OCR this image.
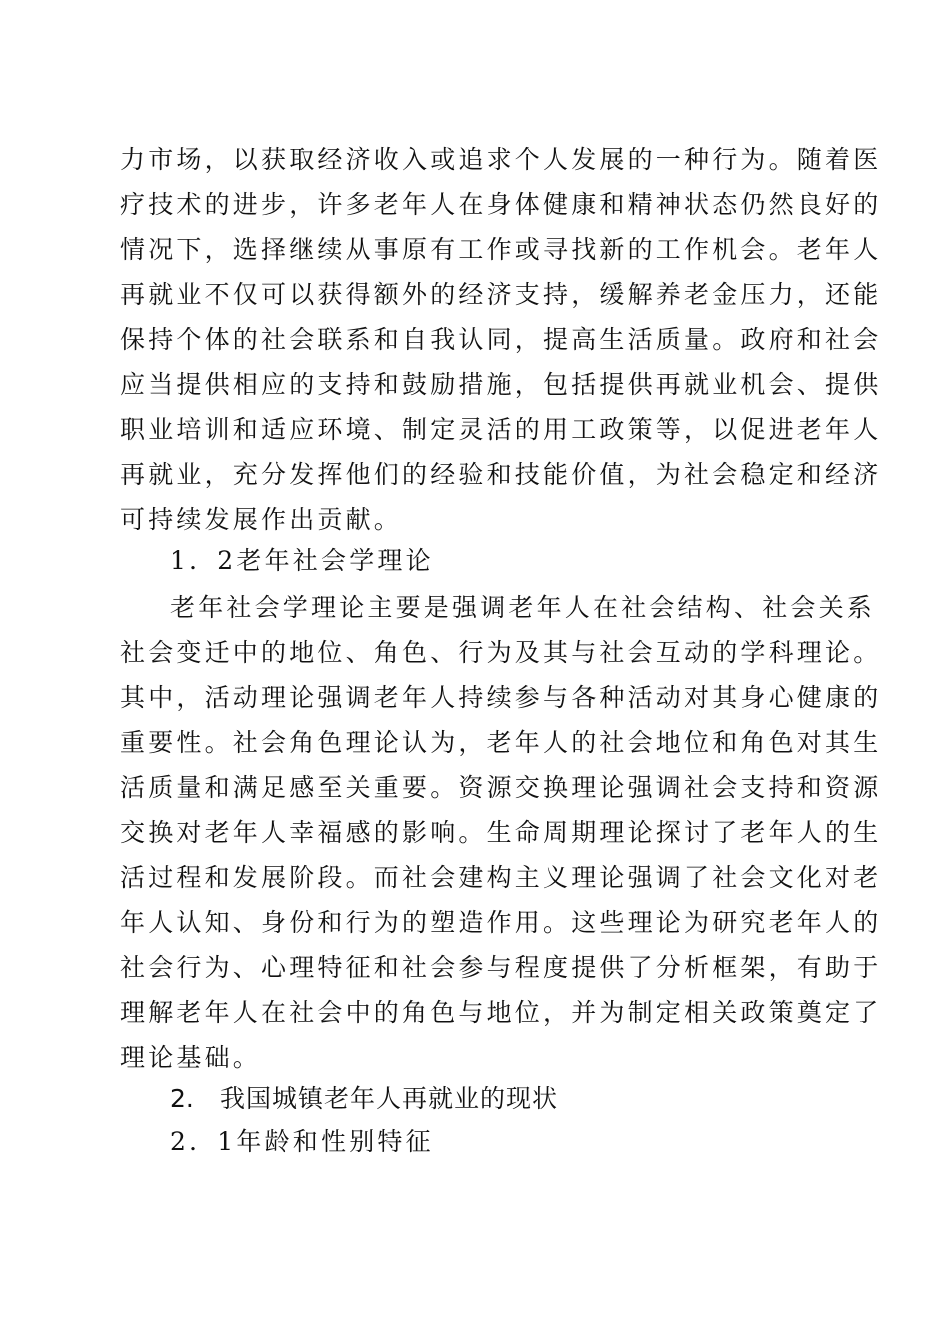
力市场，以获取经济收入或追求个人发展的一种行为。随着医
疗技术的进步，许多老年人在身体健康和精神状态仍然良好的
情况下，选择继续从事原有工作或寻找新的工作机会。老年人
再就业不仅可以获得额外的经济支持，缓解养老金压力，还能
保持个体的社会联系和自我认同，提高生活质量。政府和社会
应当提供相应的支持和鼓励措施，包括提供再就业机会、提供
职业培训和适应环境、制定灵活的用工政策等，以促进老年人
再就业，充分发挥他们的经验和技能价值，为社会稳定和经济
可持续发展作出贡献。
1．2老年社会学理论
老年社会学理论主要是强调老年人在社会结构、社会关系
社会变迁中的地位、角色、行为及其与社会互动的学科理论。
其中，活动理论强调老年人持续参与各种活动对其身心健康的
重要性。社会角色理论认为，老年人的社会地位和角色对其生
活质量和满足感至关重要。资源交换理论强调社会支持和资源
交换对老年人幸福感的影响。生命周期理论探讨了老年人的生
活过程和发展阶段。而社会建构主义理论强调了社会文化对老
年人认知、身份和行为的塑造作用。这些理论为研究老年人的
社会行为、心理特征和社会参与程度提供了分析框架，有助于
理解老年人在社会中的角色与地位，并为制定相关政策奠定了
理论基础。
2. 我国城镇老年人再就业的现状
2．1年龄和性别特征
